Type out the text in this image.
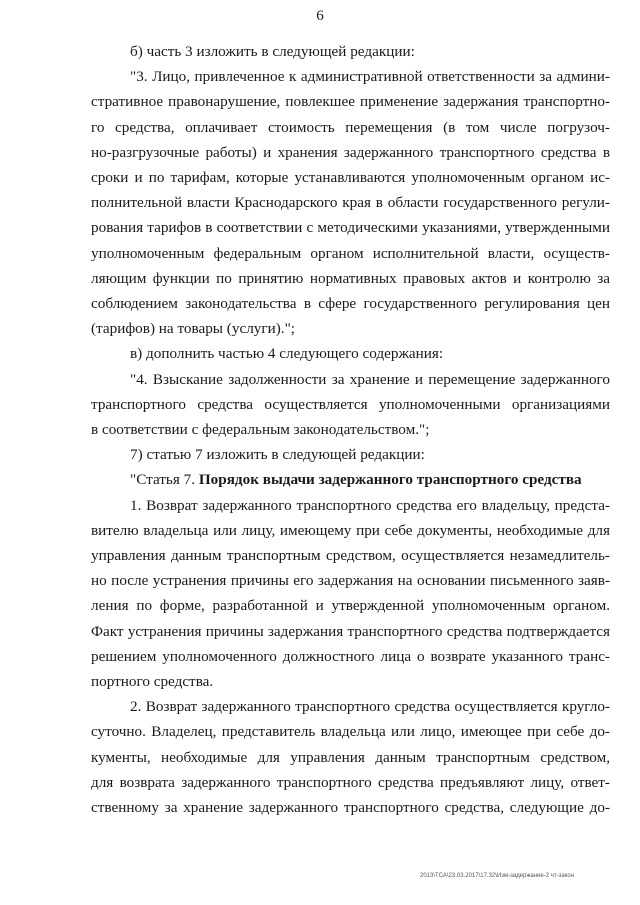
6
б) часть 3 изложить в следующей редакции:
"3. Лицо, привлеченное к административной ответственности за админи-
стративное правонарушение, повлекшее применение задержания транспортно-
го средства, оплачивает стоимость перемещения (в том числе погрузоч-
но-разгрузочные работы) и хранения задержанного транспортного средства в
сроки и по тарифам, которые устанавливаются уполномоченным органом ис-
полнительной власти Краснодарского края в области государственного регули-
рования тарифов в соответствии с методическими указаниями, утвержденными
уполномоченным федеральным органом исполнительной власти, осуществ-
ляющим функции по принятию нормативных правовых актов и контролю за
соблюдением законодательства в сфере государственного регулирования цен
(тарифов) на товары (услуги).";
в) дополнить частью 4 следующего содержания:
"4. Взыскание задолженности за хранение и перемещение задержанного
транспортного средства осуществляется уполномоченными организациями
в соответствии с федеральным законодательством.";
7) статью 7 изложить в следующей редакции:
"Статья 7. Порядок выдачи задержанного транспортного средства
1. Возврат задержанного транспортного средства его владельцу, предста-
вителю владельца или лицу, имеющему при себе документы, необходимые для
управления данным транспортным средством, осуществляется незамедлитель-
но после устранения причины его задержания на основании письменного заяв-
ления по форме, разработанной и утвержденной уполномоченным органом.
Факт устранения причины задержания транспортного средства подтверждается
решением уполномоченного должностного лица о возврате указанного транс-
портного средства.
2. Возврат задержанного транспортного средства осуществляется кругло-
суточно. Владелец, представитель владельца или лицо, имеющее при себе до-
кументы, необходимые для управления данным транспортным средством,
для возврата задержанного транспортного средства предъявляют лицу, ответ-
ственному за хранение задержанного транспортного средства, следующие до-
2013\ТСА\23.03.2017\17.32\Изм-задержание-2 чт-закон
